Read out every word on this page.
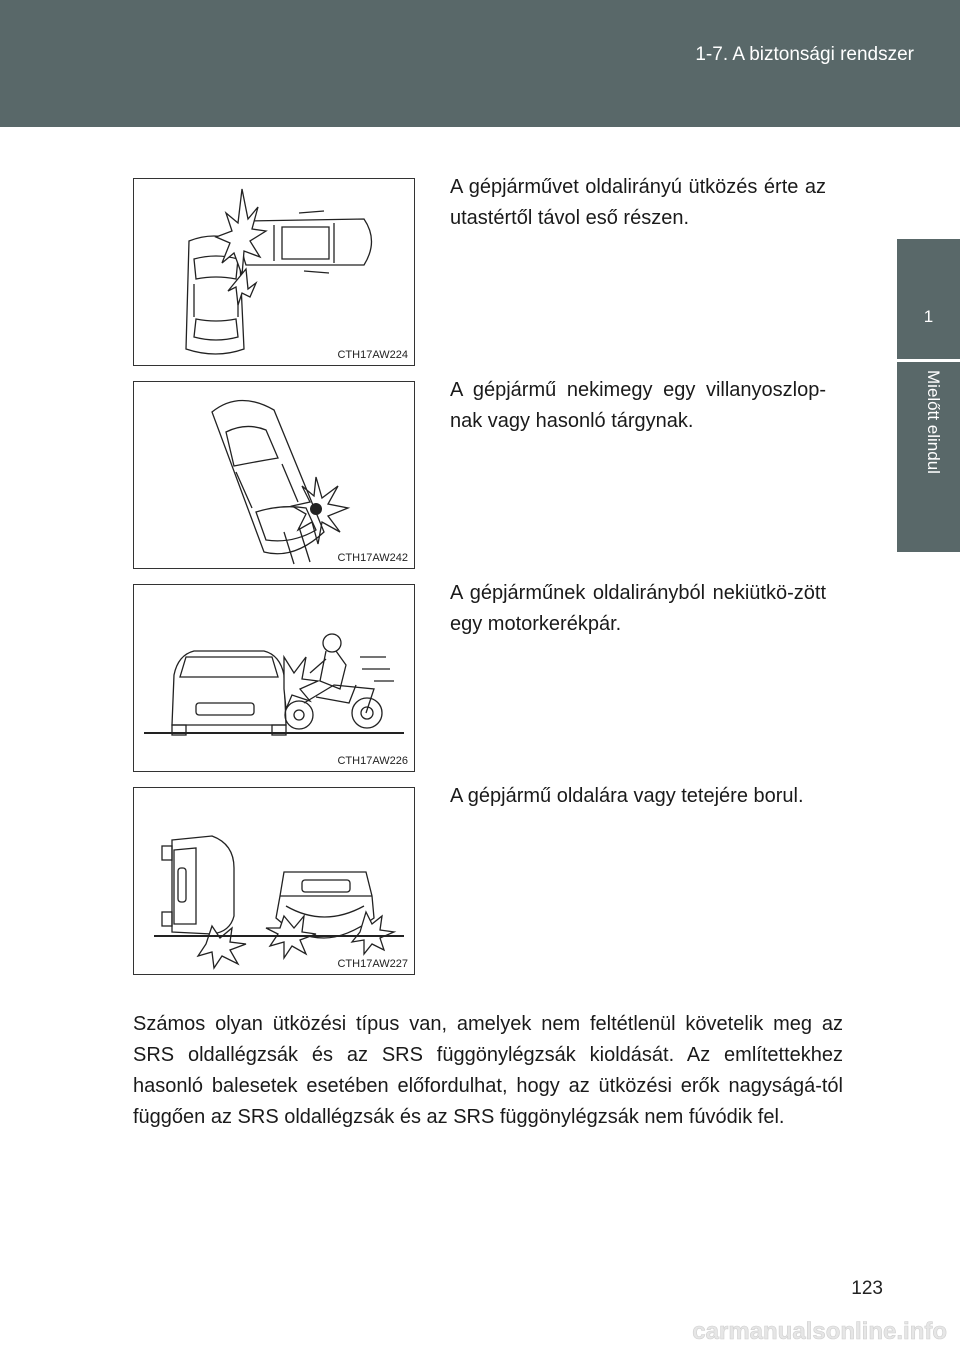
1-7. A biztonsági rendszer
1
Mielőtt elindul
CTH17AW224
A gépjárművet oldalirányú ütközés érte az utastértől távol eső részen.
CTH17AW242
A gépjármű nekimegy egy villanyoszlop-nak vagy hasonló tárgynak.
CTH17AW226
A gépjárműnek oldalirányból nekiütkö-zött egy motorkerékpár.
CTH17AW227
A gépjármű oldalára vagy tetejére borul.
Számos olyan ütközési típus van, amelyek nem feltétlenül követelik meg az SRS oldallégzsák és az SRS függönylégzsák kioldását. Az említettekhez hasonló balesetek esetében előfordulhat, hogy az ütközési erők nagyságá-tól függően az SRS oldallégzsák és az SRS függönylégzsák nem fúvódik fel.
123
carmanualsonline.info
